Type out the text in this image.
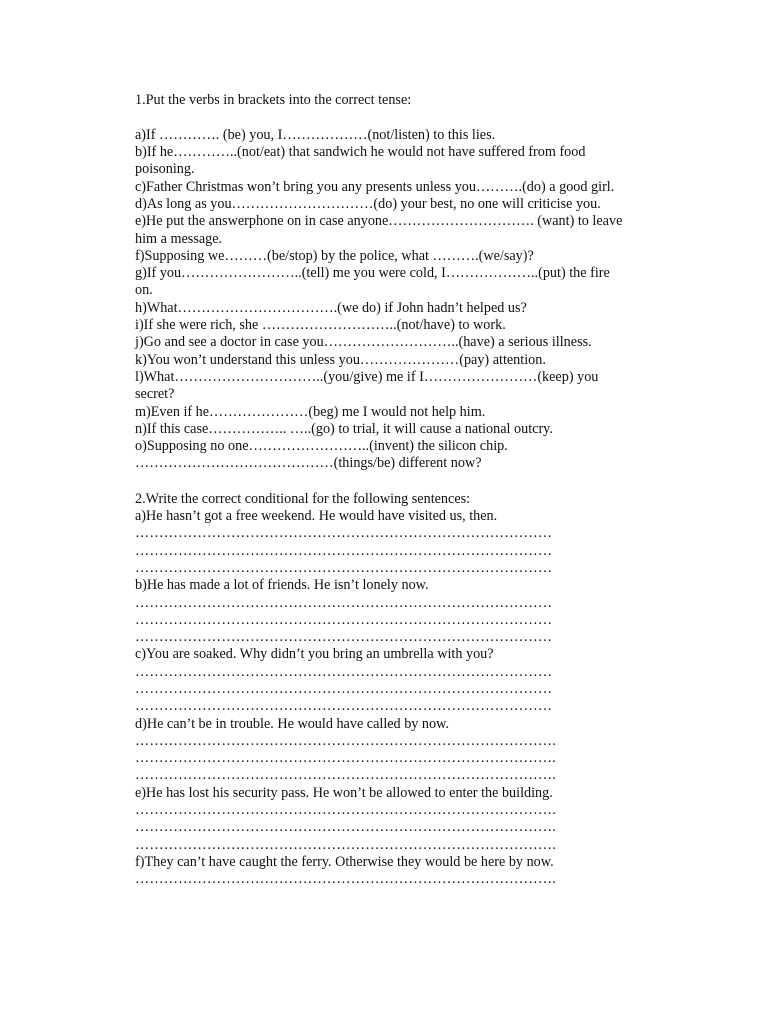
1.Put the verbs in brackets into the correct tense:
a)If …………. (be) you, I………………(not/listen) to this lies.
b)If he…………..(not/eat) that sandwich he would not have suffered from food
poisoning.
c)Father Christmas won’t bring you any presents unless you……….(do) a good girl.
d)As long as you…………………………(do) your best, no one will criticise you.
e)He put the answerphone on in case anyone…………………………. (want) to leave
him a message.
f)Supposing we………(be/stop) by the police, what ……….(we/say)?
g)If you……………………..(tell) me you were cold, I………………..(put) the fire
on.
h)What…………………………….(we do) if John hadn’t helped us?
i)If she were rich, she ………………………..(not/have) to work.
j)Go and see a doctor in case you………………………..(have) a serious illness.
k)You won’t understand this unless you…………………(pay) attention.
l)What…………………………..(you/give) me if I……………………(keep) you
secret?
m)Even if he…………………(beg) me I would not help him.
n)If this case…………….. …..(go) to trial, it will cause a national outcry.
o)Supposing no one……………………..(invent) the silicon chip.
……………………………………(things/be) different now?
2.Write the correct conditional for the following sentences:
a)He hasn’t got a free weekend. He would have visited us, then.
……………………………………………………………………………
……………………………………………………………………………
……………………………………………………………………………
b)He has made a lot of friends. He isn’t lonely now.
……………………………………………………………………………
……………………………………………………………………………
……………………………………………………………………………
c)You are soaked. Why didn’t you bring an umbrella with you?
……………………………………………………………………………
……………………………………………………………………………
……………………………………………………………………………
d)He can’t be in trouble. He would have called by now.
…………………………………………………………………………….
…………………………………………………………………………….
…………………………………………………………………………….
e)He has lost his security pass. He won’t be allowed to enter the building.
…………………………………………………………………………….
…………………………………………………………………………….
…………………………………………………………………………….
f)They can’t have caught the ferry. Otherwise they would be here by now.
…………………………………………………………………………….
